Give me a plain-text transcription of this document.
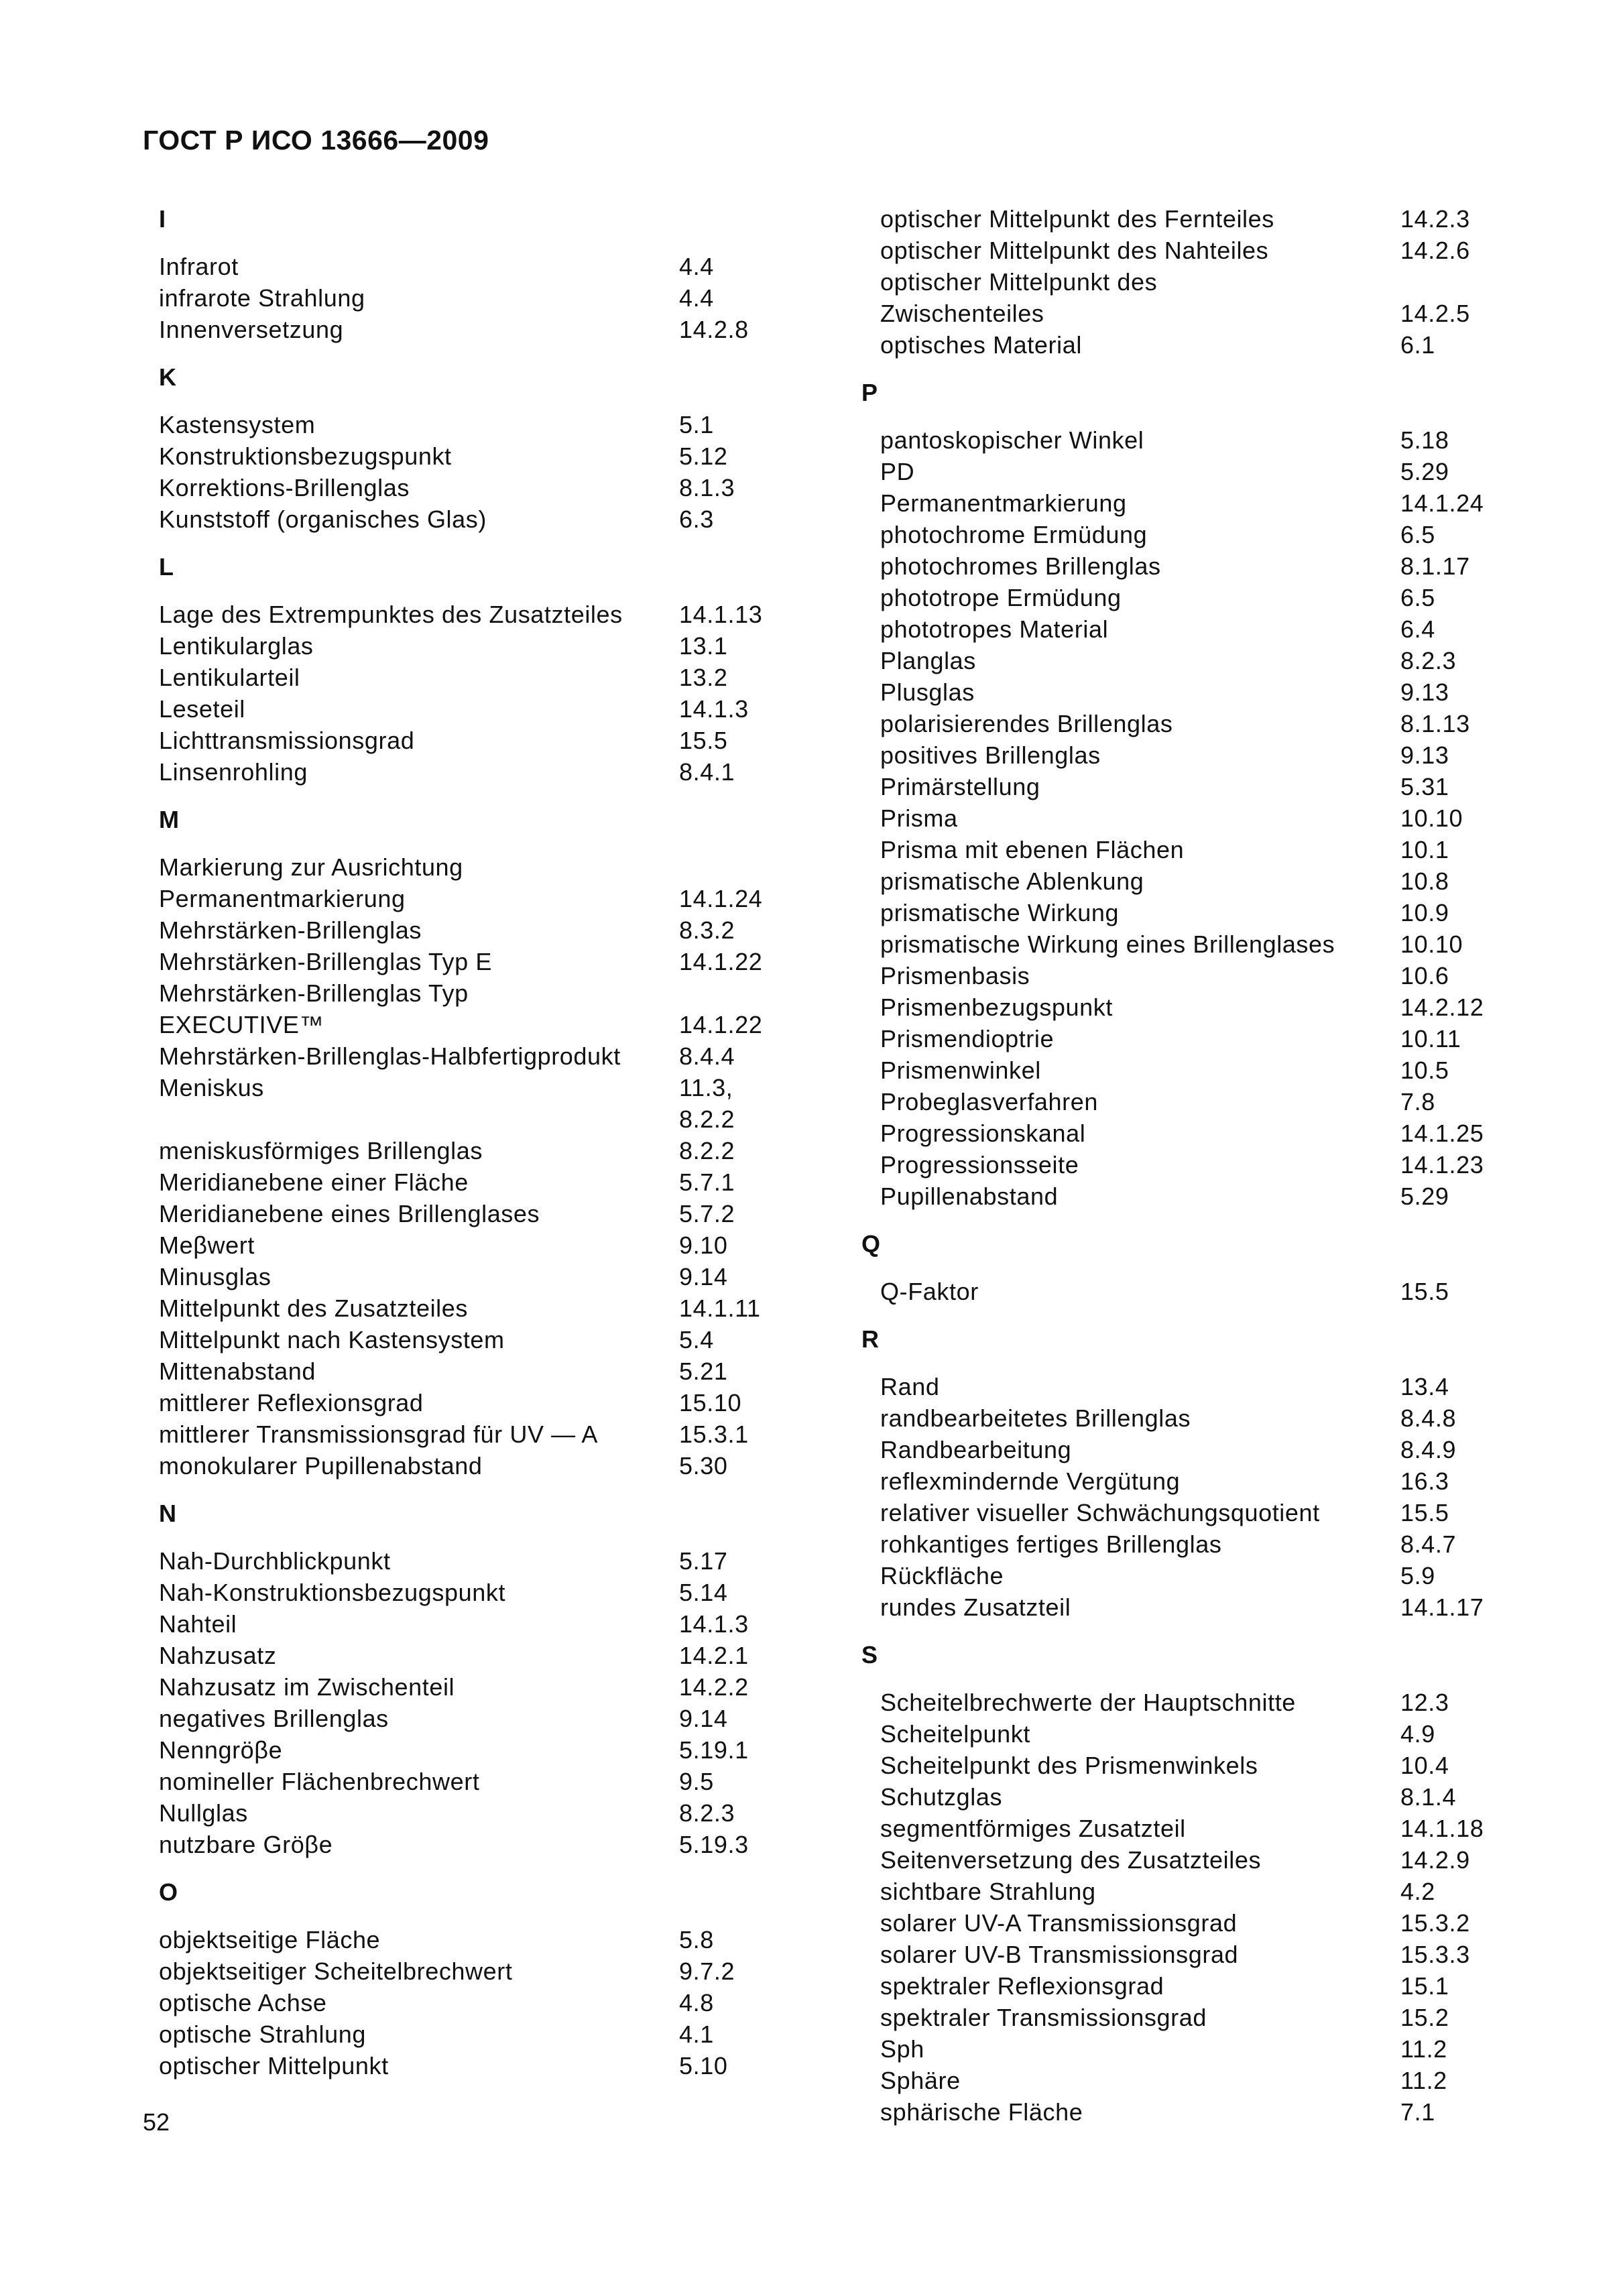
ГОСТ Р ИСО 13666—2009
I
Infrarot	4.4
infrarote Strahlung	4.4
Innenversetzung	14.2.8
K
Kastensystem	5.1
Konstruktionsbezugspunkt	5.12
Korrektions-Brillenglas	8.1.3
Kunststoff (organisches Glas)	6.3
L
Lage des Extrempunktes des Zusatzteiles	14.1.13
Lentikularglas	13.1
Lentikularteil	13.2
Leseteil	14.1.3
Lichttransmissionsgrad	15.5
Linsenrohling	8.4.1
M
Markierung zur Ausrichtung
Permanentmarkierung	14.1.24
Mehrstärken-Brillenglas	8.3.2
Mehrstärken-Brillenglas Typ E	14.1.22
Mehrstärken-Brillenglas Typ
EXECUTIVE™	14.1.22
Mehrstärken-Brillenglas-Halbfertigprodukt	8.4.4
Meniskus	11.3,
8.2.2
meniskusförmiges Brillenglas	8.2.2
Meridianebene einer Fläche	5.7.1
Meridianebene eines Brillenglases	5.7.2
Meβwert	9.10
Minusglas	9.14
Mittelpunkt des Zusatzteiles	14.1.11
Mittelpunkt nach Kastensystem	5.4
Mittenabstand	5.21
mittlerer Reflexionsgrad	15.10
mittlerer Transmissionsgrad für UV — A	15.3.1
monokularer Pupillenabstand	5.30
N
Nah-Durchblickpunkt	5.17
Nah-Konstruktionsbezugspunkt	5.14
Nahteil	14.1.3
Nahzusatz	14.2.1
Nahzusatz im Zwischenteil	14.2.2
negatives Brillenglas	9.14
Nenngröβe	5.19.1
nomineller Flächenbrechwert	9.5
Nullglas	8.2.3
nutzbare Gröβe	5.19.3
O
objektseitige Fläche	5.8
objektseitiger Scheitelbrechwert	9.7.2
optische Achse	4.8
optische Strahlung	4.1
optischer Mittelpunkt	5.10
optischer Mittelpunkt des Fernteiles	14.2.3
optischer Mittelpunkt des Nahteiles	14.2.6
optischer Mittelpunkt des
Zwischenteiles	14.2.5
optisches Material	6.1
P
pantoskopischer Winkel	5.18
PD	5.29
Permanentmarkierung	14.1.24
photochrome Ermüdung	6.5
photochromes Brillenglas	8.1.17
phototrope Ermüdung	6.5
phototropes Material	6.4
Planglas	8.2.3
Plusglas	9.13
polarisierendes Brillenglas	8.1.13
positives Brillenglas	9.13
Primärstellung	5.31
Prisma	10.10
Prisma mit ebenen Flächen	10.1
prismatische Ablenkung	10.8
prismatische Wirkung	10.9
prismatische Wirkung eines Brillenglases	10.10
Prismenbasis	10.6
Prismenbezugspunkt	14.2.12
Prismendioptrie	10.11
Prismenwinkel	10.5
Probeglasverfahren	7.8
Progressionskanal	14.1.25
Progressionsseite	14.1.23
Pupillenabstand	5.29
Q
Q-Faktor	15.5
R
Rand	13.4
randbearbeitetes Brillenglas	8.4.8
Randbearbeitung	8.4.9
reflexmindernde Vergütung	16.3
relativer visueller Schwächungsquotient	15.5
rohkantiges fertiges Brillenglas	8.4.7
Rückfläche	5.9
rundes Zusatzteil	14.1.17
S
Scheitelbrechwerte der Hauptschnitte	12.3
Scheitelpunkt	4.9
Scheitelpunkt des Prismenwinkels	10.4
Schutzglas	8.1.4
segmentförmiges Zusatzteil	14.1.18
Seitenversetzung des Zusatzteiles	14.2.9
sichtbare Strahlung	4.2
solarer UV-A Transmissionsgrad	15.3.2
solarer UV-B Transmissionsgrad	15.3.3
spektraler Reflexionsgrad	15.1
spektraler Transmissionsgrad	15.2
Sph	11.2
Sphäre	11.2
sphärische Fläche	7.1
52
